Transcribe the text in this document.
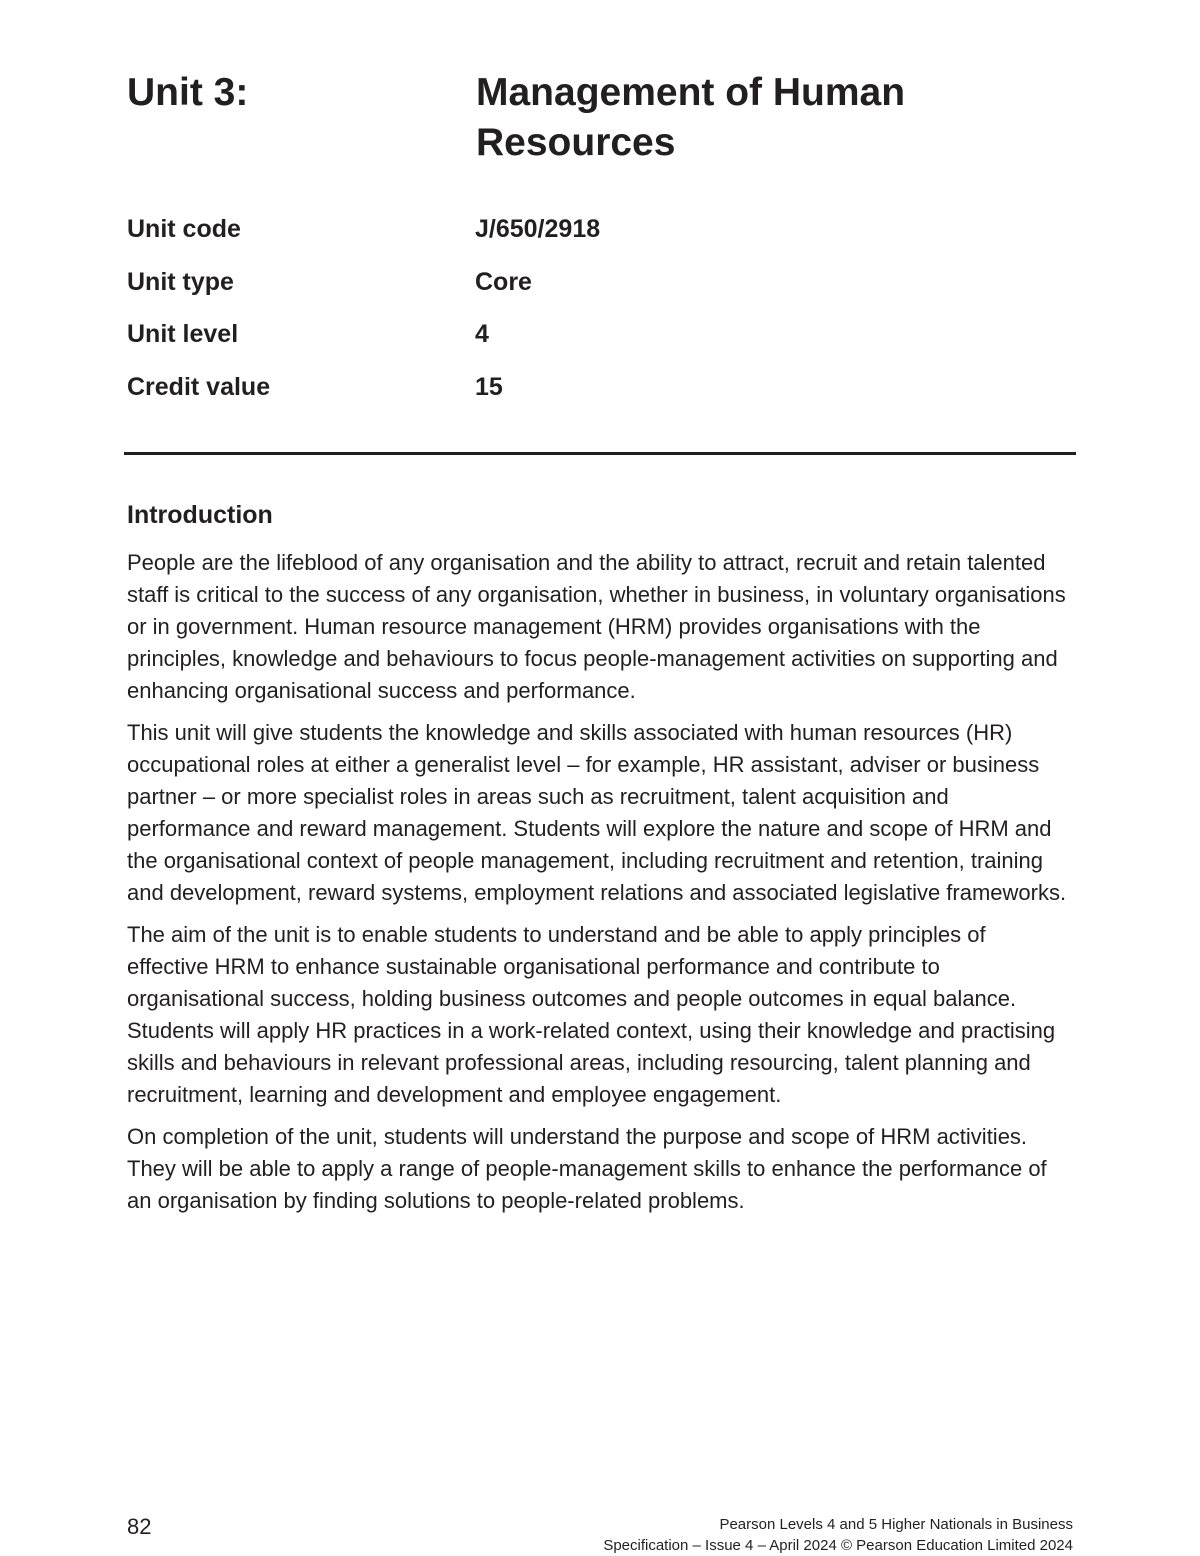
Unit 3:	Management of Human Resources
Unit code	J/650/2918
Unit type	Core
Unit level	4
Credit value	15
Introduction

People are the lifeblood of any organisation and the ability to attract, recruit and retain talented staff is critical to the success of any organisation, whether in business, in voluntary organisations or in government. Human resource management (HRM) provides organisations with the principles, knowledge and behaviours to focus people-management activities on supporting and enhancing organisational success and performance.

This unit will give students the knowledge and skills associated with human resources (HR) occupational roles at either a generalist level – for example, HR assistant, adviser or business partner – or more specialist roles in areas such as recruitment, talent acquisition and performance and reward management. Students will explore the nature and scope of HRM and the organisational context of people management, including recruitment and retention, training and development, reward systems, employment relations and associated legislative frameworks.

The aim of the unit is to enable students to understand and be able to apply principles of effective HRM to enhance sustainable organisational performance and contribute to organisational success, holding business outcomes and people outcomes in equal balance. Students will apply HR practices in a work-related context, using their knowledge and practising skills and behaviours in relevant professional areas, including resourcing, talent planning and recruitment, learning and development and employee engagement.

On completion of the unit, students will understand the purpose and scope of HRM activities. They will be able to apply a range of people-management skills to enhance the performance of an organisation by finding solutions to people-related problems.

82	Pearson Levels 4 and 5 Higher Nationals in Business
Specification – Issue 4 – April 2024 © Pearson Education Limited 2024
